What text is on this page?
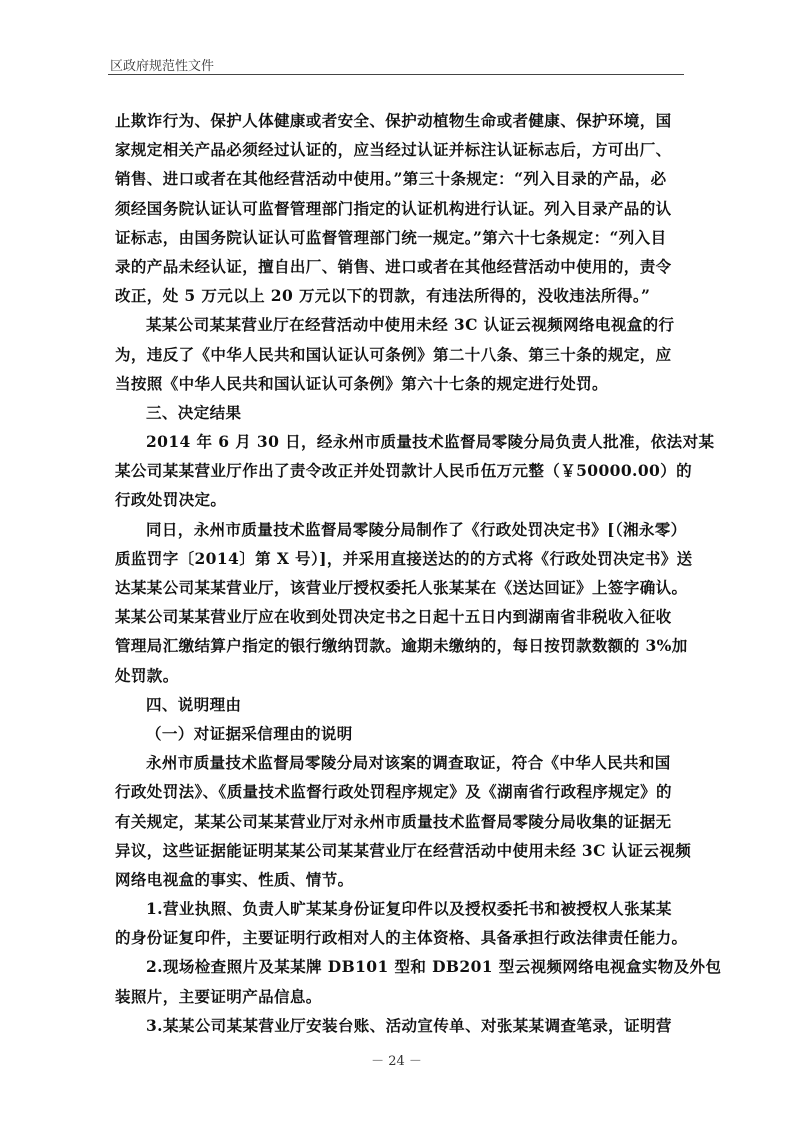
区政府规范性文件
止欺诈行为、保护人体健康或者安全、保护动植物生命或者健康、保护环境，国
家规定相关产品必须经过认证的，应当经过认证并标注认证标志后，方可出厂、
销售、进口或者在其他经营活动中使用。”第三十条规定：“列入目录的产品，必
须经国务院认证认可监督管理部门指定的认证机构进行认证。列入目录产品的认
证标志，由国务院认证认可监督管理部门统一规定。”第六十七条规定：“列入目
录的产品未经认证，擅自出厂、销售、进口或者在其他经营活动中使用的，责令
改正，处 5 万元以上 20 万元以下的罚款，有违法所得的，没收违法所得。”
某某公司某某营业厅在经营活动中使用未经 3C 认证云视频网络电视盒的行
为，违反了《中华人民共和国认证认可条例》第二十八条、第三十条的规定，应
当按照《中华人民共和国认证认可条例》第六十七条的规定进行处罚。
三、决定结果
2014 年 6 月 30 日，经永州市质量技术监督局零陵分局负责人批准，依法对某
某公司某某营业厅作出了责令改正并处罚款计人民币伍万元整（￥50000.00）的
行政处罚决定。
同日，永州市质量技术监督局零陵分局制作了《行政处罚决定书》[（湘永零）
质监罚字〔2014〕第 X 号）]，并采用直接送达的的方式将《行政处罚决定书》送
达某某公司某某营业厅，该营业厅授权委托人张某某在《送达回证》上签字确认。
某某公司某某营业厅应在收到处罚决定书之日起十五日内到湖南省非税收入征收
管理局汇缴结算户指定的银行缴纳罚款。逾期未缴纳的，每日按罚款数额的 3%加
处罚款。
四、说明理由
（一）对证据采信理由的说明
永州市质量技术监督局零陵分局对该案的调查取证，符合《中华人民共和国
行政处罚法》、《质量技术监督行政处罚程序规定》及《湖南省行政程序规定》的
有关规定，某某公司某某营业厅对永州市质量技术监督局零陵分局收集的证据无
异议，这些证据能证明某某公司某某营业厅在经营活动中使用未经 3C 认证云视频
网络电视盒的事实、性质、情节。
1.营业执照、负责人旷某某身份证复印件以及授权委托书和被授权人张某某
的身份证复印件，主要证明行政相对人的主体资格、具备承担行政法律责任能力。
2.现场检查照片及某某牌 DB101 型和 DB201 型云视频网络电视盒实物及外包
装照片，主要证明产品信息。
3.某某公司某某营业厅安装台账、活动宣传单、对张某某调查笔录，证明营
－ 24 －
